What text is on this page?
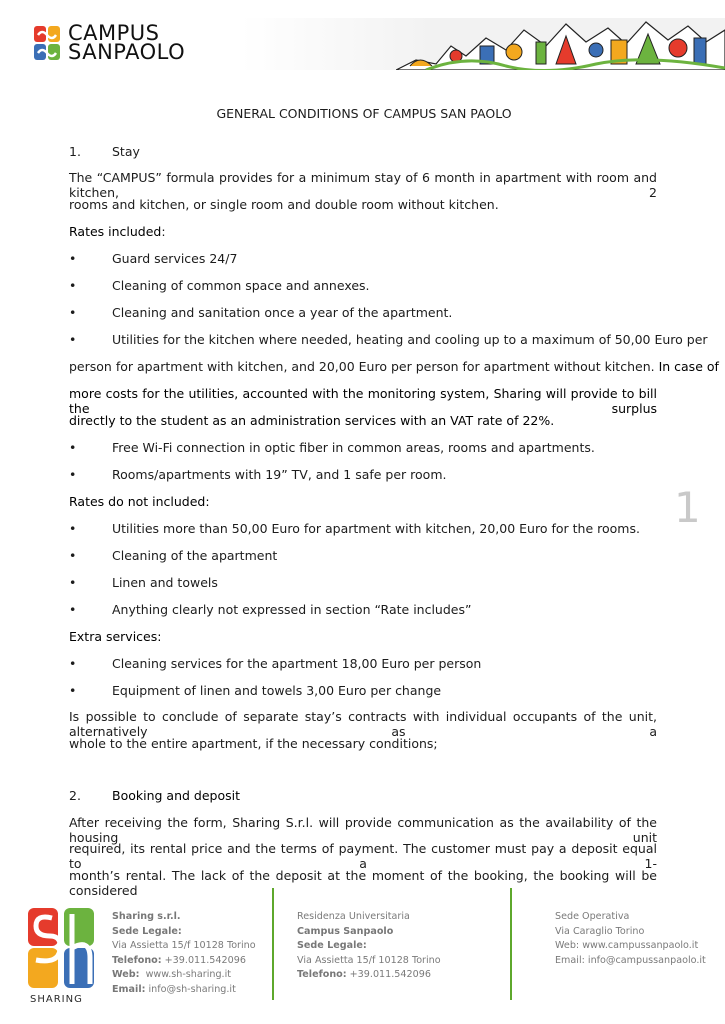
CAMPUS
SANPAOLO
GENERAL CONDITIONS OF CAMPUS SAN PAOLO
1. Stay
The “CAMPUS” formula provides for a minimum stay of 6 month in apartment with room and kitchen, 2
rooms and kitchen, or single room and double room without kitchen.
Rates included:
•	Guard services 24/7
•	Cleaning of common space and annexes.
•	Cleaning and sanitation once a year of the apartment.
•	Utilities for the kitchen where needed, heating and cooling up to a maximum of 50,00 Euro per
person for apartment with kitchen, and 20,00 Euro per person for apartment without kitchen. In case of
more costs for the utilities, accounted with the monitoring system, Sharing will provide to bill the surplus
directly to the student as an administration services with an VAT rate of 22%.
•	Free Wi-Fi connection in optic fiber in common areas, rooms and apartments.
•	Rooms/apartments with 19” TV, and 1 safe per room.
Rates do not included:
•	Utilities more than 50,00 Euro for apartment with kitchen, 20,00 Euro for the rooms.
•	Cleaning of the apartment
•	Linen and towels
•	Anything clearly not expressed in section “Rate includes”
Extra services:
•	Cleaning services for the apartment 18,00 Euro per person
•	Equipment of linen and towels 3,00 Euro per change
Is possible to conclude of separate stay’s contracts with individual occupants of the unit, alternatively as a
whole to the entire apartment, if the necessary conditions;
2. Booking and deposit
After receiving the form, Sharing S.r.l. will provide communication as the availability of the housing unit
required, its rental price and the terms of payment. The customer must pay a deposit equal to a 1-
month’s rental. The lack of the deposit at the moment of the booking, the booking will be considered
1
SHARING
Sharing s.r.l.
Sede Legale:
Via Assietta 15/f 10128 Torino
Telefono: +39.011.542096
Web: www.sh-sharing.it
Email: info@sh-sharing.it
Residenza Universitaria
Campus Sanpaolo
Sede Legale:
Via Assietta 15/f 10128 Torino
Telefono: +39.011.542096
Sede Operativa
Via Caraglio Torino
Web: www.campussanpaolo.it
Email: info@campussanpaolo.it
